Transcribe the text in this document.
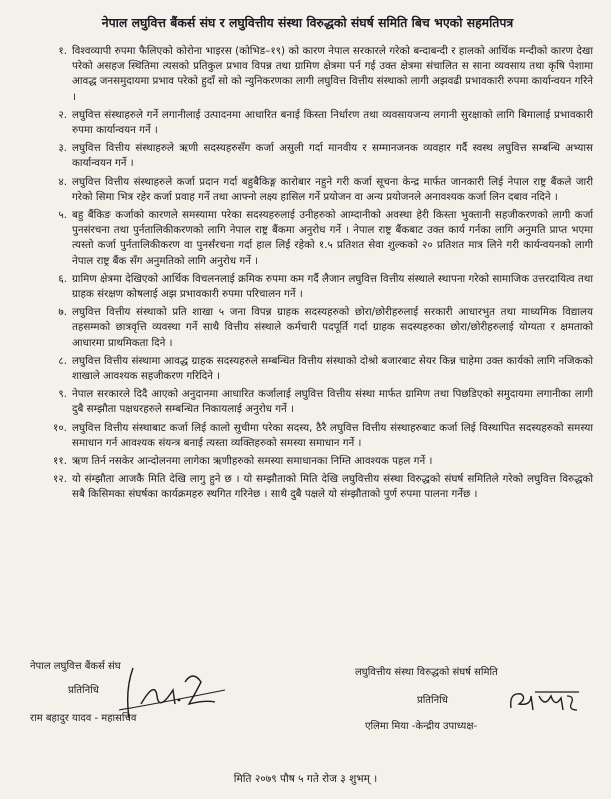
नेपाल लघुवित्त बैंकर्स संघ र लघुवित्तीय संस्था विरुद्धको संघर्ष समिति बिच भएको सहमतिपत्र
१. विश्वव्यापी रुपमा फैलिएको कोरोना भाइरस (कोभिड–१९) को कारण नेपाल सरकारले गरेको बन्दाबन्दी र हालको आर्थिक मन्दीको कारण देखा परेको असहज स्थितिमा त्यसको प्रतिकुल प्रभाव विपन्न तथा ग्रामिण क्षेत्रमा पर्न गई उक्त क्षेत्रमा संचालित स साना व्यवसाय तथा कृषि पेशामा आवद्ध जनसमुदायमा प्रभाव परेको हुदाँ सो को न्युनिकरणका लागी लघुवित्त वित्तीय संस्थाको लागी अझवढी प्रभावकारी रुपमा कार्यान्वयन गरिने ।
२. लघुवित्त संस्थाहरुले गर्ने लगानीलाई उत्पादनमा आधारित बनाई किस्ता निर्धारण तथा व्यवसायजन्य लगानी सुरक्षाको लागि बिमालाई प्रभावकारी रुपमा कार्यान्वयन गर्ने ।
३. लघुवित्त वित्तीय संस्थाहरुले ऋणी सदस्यहरुसँग कर्जा असुली गर्दा मानवीय र सम्मानजनक व्यवहार गर्दै स्वस्थ लघुवित्त सम्बन्धि अभ्यास कार्यान्वयन गर्ने ।
४. लघुवित्त वित्तीय संस्थाहरुले कर्जा प्रदान गर्दा बहुबैकिङ्ग कारोबार नहुने गरी कर्जा सूचना केन्द्र मार्फत जानकारी लिई नेपाल राष्ट्र बैंकले जारी गरेको सिमा भित्र रहेर कर्जा प्रवाह गर्ने तथा आफ्नो लक्ष्य हासिल गर्ने प्रयोजन वा अन्य प्रयोजनले अनावश्यक कर्जा लिन दबाव नदिने ।
५. बहु बैंकिङ कर्जाको कारणले समस्यामा परेका सदस्यहरुलाई उनीहरुको आम्दानीको अवस्था हेरी किस्ता भुक्तानी सहजीकरणको लागी कर्जा पुनसंरचना तथा पुर्नतालिकीकरणको लागि नेपाल राष्ट्र बैंकमा अनुरोध गर्ने । नेपाल राष्ट्र बैंकबाट उक्त कार्य गर्नका लागि अनुमति प्राप्त भएमा त्यस्तो कर्जा पुर्नतालिकीकरण वा पुनर्संरचना गर्दा हाल लिई रहेको १.५ प्रतिशत सेवा शुल्कको २० प्रतिशत मात्र लिने गरी कार्यन्वयनको लागी नेपाल राष्ट्र बैंक सँग अनुमतिको लागि अनुरोध गर्ने ।
६. ग्रामिण क्षेत्रमा देखिएको आर्थिक विचलनलाई क्रमिक रुपमा कम गर्दै लैजान लघुवित्त वित्तीय संस्थाले स्थापना गरेको सामाजिक उत्तरदायित्व तथा ग्राहक संरक्षण कोषलाई अझ प्रभावकारी रुपमा परिचालन गर्ने ।
७. लघुवित्त वित्तीय संस्थाको प्रति शाखा ५ जना विपन्न ग्राहक सदस्यहरुको छोरा/छोरीहरुलाई सरकारी आधारभुत तथा माध्यमिक विद्यालय तहसम्मको छात्रवृत्ति व्यवस्था गर्ने साथै वित्तीय संस्थाले कर्मचारी पदपूर्ति गर्दा ग्राहक सदस्यहरुका छोरा/छोरीहरुलाई योग्यता र क्षमताको आधारमा प्राथमिकता दिने ।
८. लघुवित्त वित्तीय संस्थामा आवद्ध ग्राहक सदस्यहरुले सम्बन्धित वित्तीय संस्थाको दोश्रो बजारबाट सेयर किन्न चाहेमा उक्त कार्यको लागि नजिकको शाखाले आवश्यक सहजीकरण गरिदिने ।
९. नेपाल सरकारले दिदै आएको अनुदानमा आधारित कर्जालाई लघुवित्त वित्तीय संस्था मार्फत ग्रामिण तथा पिछडिएको समुदायमा लगानीका लागी दुबै सम्झौता पक्षधरहरुले सम्बन्धित निकायलाई अनुरोध गर्ने ।
१०. लघुवित्त वित्तीय संस्थाबाट कर्जा लिई कालो सुचीमा परेका सदस्य, ठैरै लघुवित्त वित्तीय संस्थाहरुबाट कर्जा लिई विस्थापित सदस्यहरुको समस्या समाधान गर्न आवश्यक संयन्त्र बनाई त्यस्ता व्यक्तिहरुको समस्या समाधान गर्ने ।
११. ऋण तिर्न नसकेर आन्दोलनमा लागेका ऋणीहरुको समस्या समाधानका निम्ति आवश्यक पहल गर्ने ।
१२. यो संम्झौता आजकै मिति देखि लागु हुने छ । यो सम्झौताको मिति देखि लघुवित्तीय संस्था विरुद्धको संघर्ष समितिले गरेको लघुवित्त विरुद्धको सबै किसिमका संघर्षका कार्यक्रमहरु स्थगित गरिनेछ । साथै दुबै पक्षले यो संम्झौताको पुर्ण रुपमा पालना गर्नेछ ।
नेपाल लघुवित्त बैंकर्स संघ
प्रतिनिधि
राम बहादुर यादव - महासचिव
लघुवित्तीय संस्था विरुद्धको संघर्ष समिति
प्रतिनिधि
एलिमा मिया -केन्द्रीय उपाध्यक्ष-
मिति २०७९ पौष ५ गते रोज ३ शुभम् ।
